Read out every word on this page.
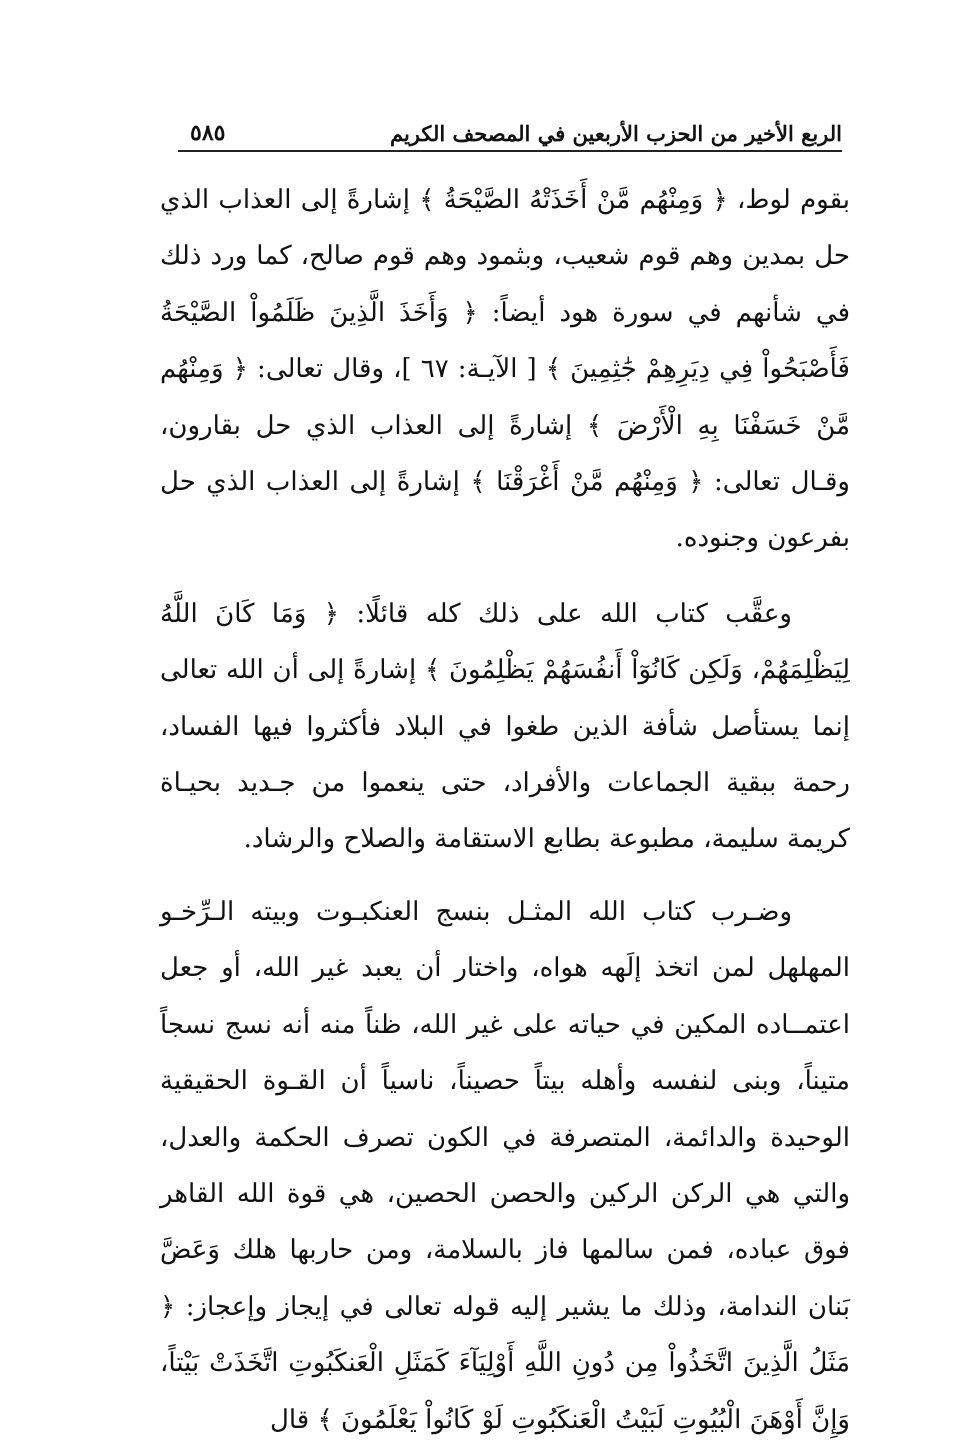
الربع الأخير من الحزب الأربعين في المصحف الكريم
٥٨٥

بقوم لوط، ﴿ وَمِنْهُم مَّنْ أَخَذَتْهُ الصَّيْحَةُ ﴾ إشارةً إلى العذاب الذي حل بمدين وهم قوم شعيب، وبثمود وهم قوم صالح، كما ورد ذلك في شأنهم في سورة هود أيضاً: ﴿ وَأَخَذَ الَّذِينَ ظَلَمُواْ الصَّيْحَةُ فَأَصْبَحُواْ فِي دِيَرِهِمْ جَٰثِمِينَ ﴾ [ الآيـة: ٦٧ ]، وقال تعالى: ﴿ وَمِنْهُم مَّنْ خَسَفْنَا بِهِ الْأَرْضَ ﴾ إشارةً إلى العذاب الذي حل بقارون، وقـال تعالى: ﴿ وَمِنْهُم مَّنْ أَغْرَقْنَا ﴾ إشارةً إلى العذاب الذي حل بفرعون وجنوده.

وعقَّب كتاب الله على ذلك كله قائلًا: ﴿ وَمَا كَانَ اللَّهُ لِيَظْلِمَهُمْ، وَلَكِن كَانُوٓاْ أَنفُسَهُمْ يَظْلِمُونَ ﴾ إشارةً إلى أن الله تعالى إنما يستأصل شأفة الذين طغوا في البلاد فأكثروا فيها الفساد، رحمة ببقية الجماعات والأفراد، حتى ينعموا من جـديد بحيـاة كريمة سليمة، مطبوعة بطابع الاستقامة والصلاح والرشاد.

وضـرب كتاب الله المثـل بنسج العنكبـوت وبيته الـرِّخـو المهلهل لمن اتخذ إلَهه هواه، واختار أن يعبد غير الله، أو جعل اعتمــاده المكين في حياته على غير الله، ظناً منه أنه نسج نسجاً متيناً، وبنى لنفسه وأهله بيتاً حصيناً، ناسياً أن القـوة الحقيقية الوحيدة والدائمة، المتصرفة في الكون تصرف الحكمة والعدل، والتي هي الركن الركين والحصن الحصين، هي قوة الله القاهر فوق عباده، فمن سالمها فاز بالسلامة، ومن حاربها هلك وَعَضَّ بَنان الندامة، وذلك ما يشير إليه قوله تعالى في إيجاز وإعجاز: ﴿ مَثَلُ الَّذِينَ اتَّخَذُواْ مِن دُونِ اللَّهِ أَوْلِيَآءَ كَمَثَلِ الْعَنكَبُوتِ اتَّخَذَتْ بَيْتاً، وَإِنَّ أَوْهَنَ الْبُيُوتِ لَبَيْتُ الْعَنكَبُوتِ لَوْ كَانُواْ يَعْلَمُونَ ﴾ قال
